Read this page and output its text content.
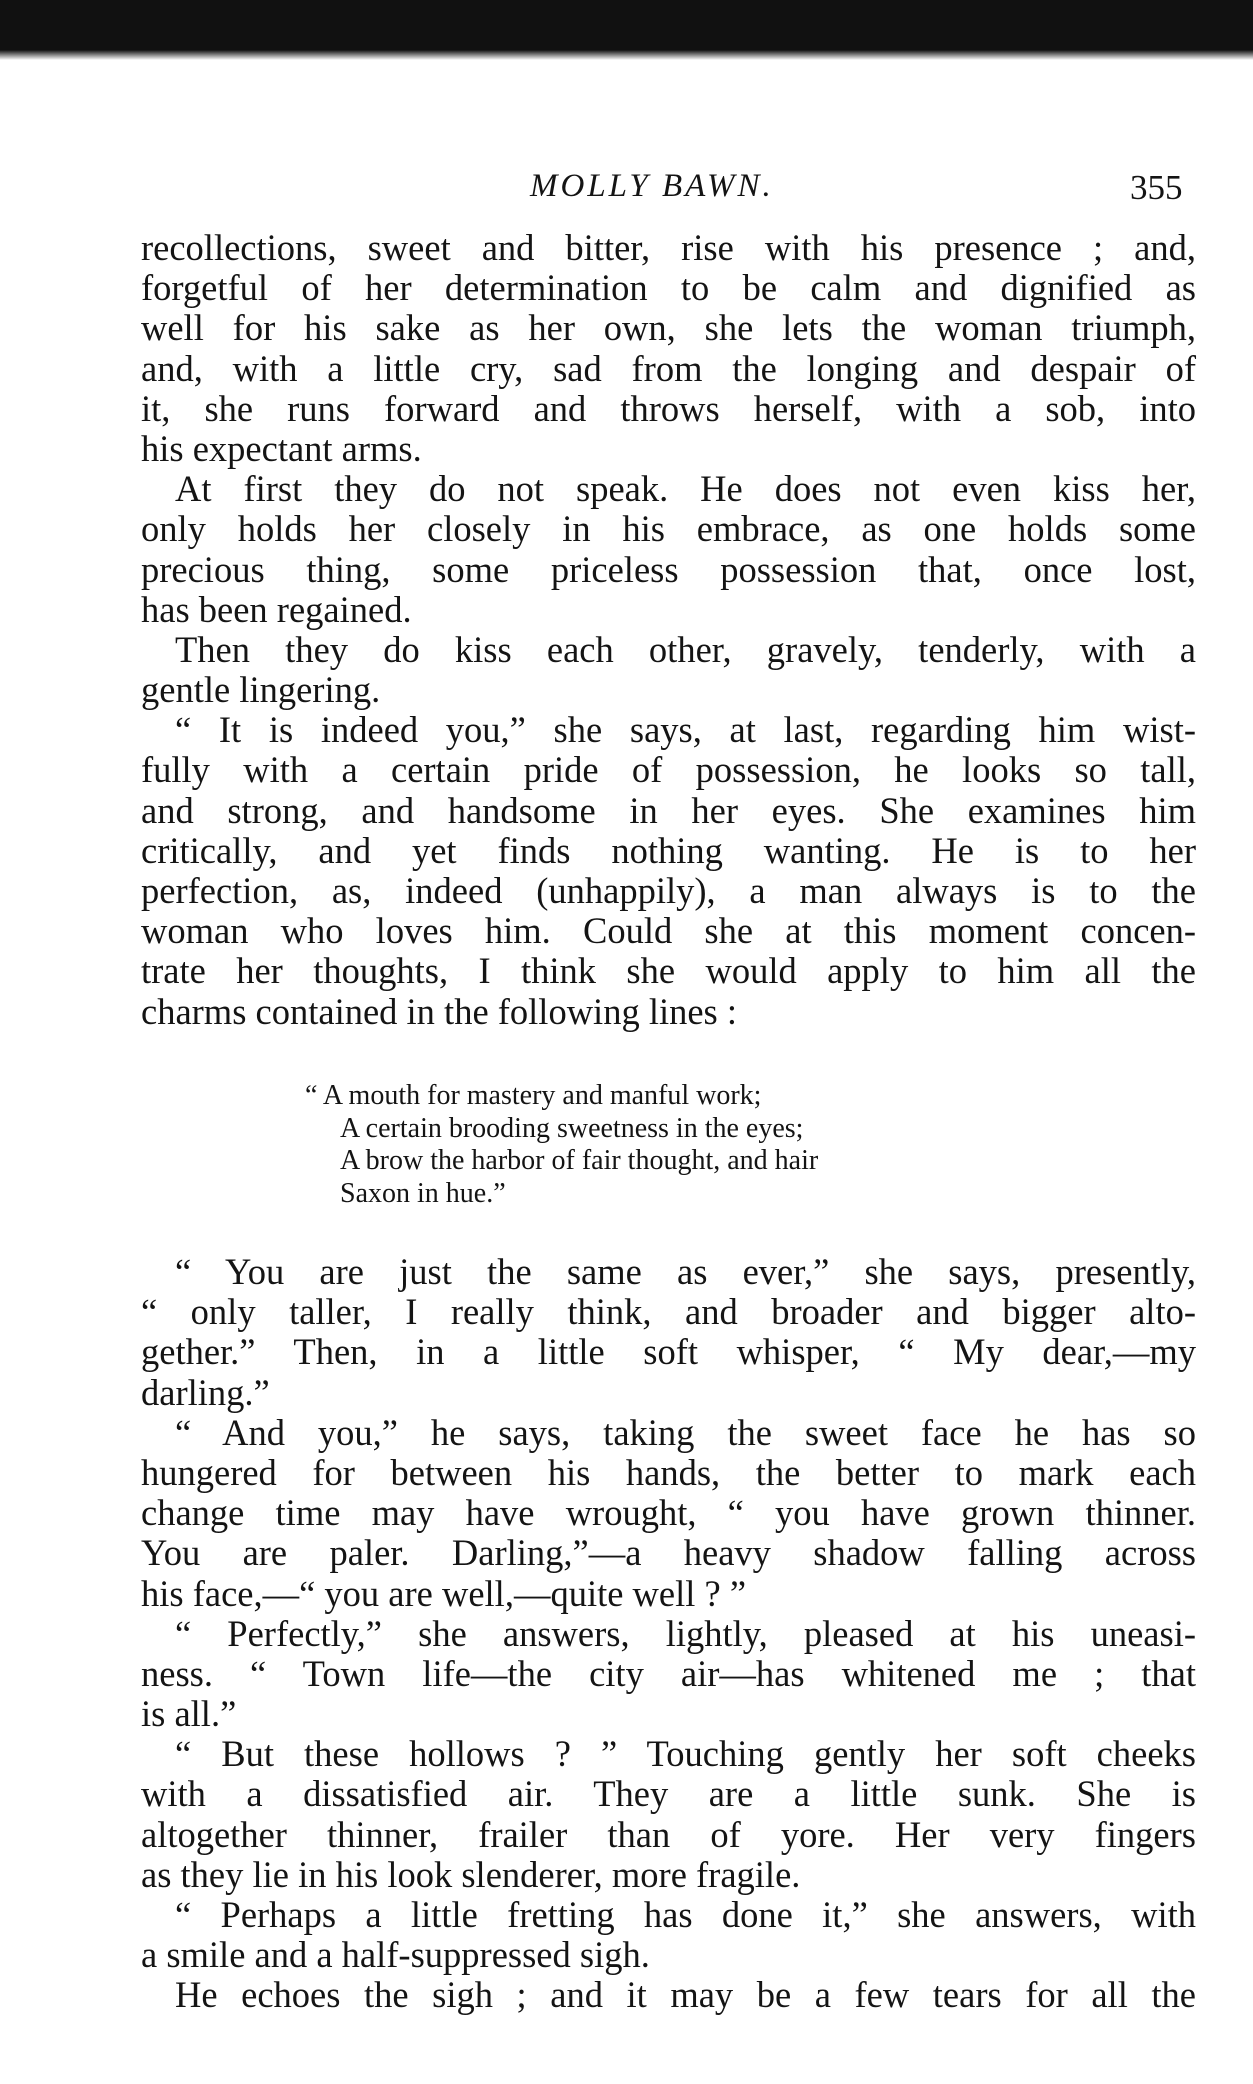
MOLLY BAWN.	355
recollections, sweet and bitter, rise with his presence ; and,
forgetful of her determination to be calm and dignified as
well for his sake as her own, she lets the woman triumph,
and, with a little cry, sad from the longing and despair of
it, she runs forward and throws herself, with a sob, into
his expectant arms.
At first they do not speak. He does not even kiss her,
only holds her closely in his embrace, as one holds some
precious thing, some priceless possession that, once lost,
has been regained.
Then they do kiss each other, gravely, tenderly, with a
gentle lingering.
“ It is indeed you,” she says, at last, regarding him wist-
fully with a certain pride of possession, he looks so tall,
and strong, and handsome in her eyes. She examines him
critically, and yet finds nothing wanting. He is to her
perfection, as, indeed (unhappily), a man always is to the
woman who loves him. Could she at this moment concen-
trate her thoughts, I think she would apply to him all the
charms contained in the following lines :
“ A mouth for mastery and manful work;
A certain brooding sweetness in the eyes;
A brow the harbor of fair thought, and hair
Saxon in hue.”
“ You are just the same as ever,” she says, presently,
“ only taller, I really think, and broader and bigger alto-
gether.” Then, in a little soft whisper, “ My dear,—my
darling.”
“ And you,” he says, taking the sweet face he has so
hungered for between his hands, the better to mark each
change time may have wrought, “ you have grown thinner.
You are paler. Darling,”—a heavy shadow falling across
his face,—“ you are well,—quite well ? ”
“ Perfectly,” she answers, lightly, pleased at his uneasi-
ness. “ Town life—the city air—has whitened me ; that
is all.”
“ But these hollows ? ” Touching gently her soft cheeks
with a dissatisfied air. They are a little sunk. She is
altogether thinner, frailer than of yore. Her very fingers
as they lie in his look slenderer, more fragile.
“ Perhaps a little fretting has done it,” she answers, with
a smile and a half-suppressed sigh.
He echoes the sigh ; and it may be a few tears for all the
